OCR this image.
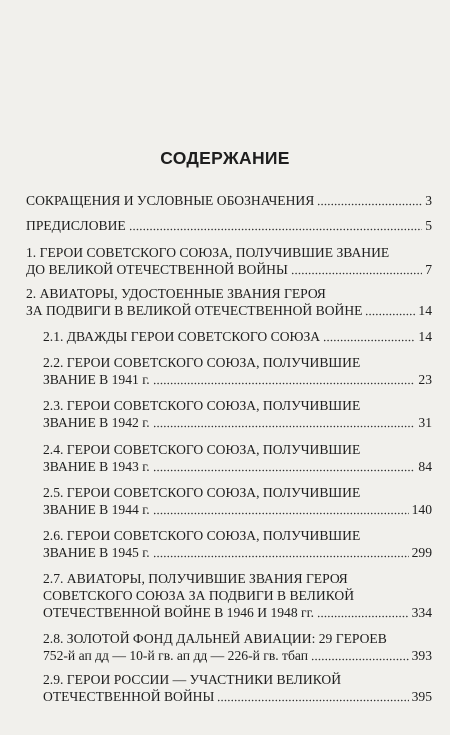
СОДЕРЖАНИЕ
СОКРАЩЕНИЯ И УСЛОВНЫЕ ОБОЗНАЧЕНИЯ	3
ПРЕДИСЛОВИЕ	5
1. ГЕРОИ СОВЕТСКОГО СОЮЗА, ПОЛУЧИВШИЕ ЗВАНИЕ
ДО ВЕЛИКОЙ ОТЕЧЕСТВЕННОЙ ВОЙНЫ	7
2. АВИАТОРЫ, УДОСТОЕННЫЕ ЗВАНИЯ ГЕРОЯ
ЗА ПОДВИГИ В ВЕЛИКОЙ ОТЕЧЕСТВЕННОЙ ВОЙНЕ	14
2.1. ДВАЖДЫ ГЕРОИ СОВЕТСКОГО СОЮЗА	14
2.2. ГЕРОИ СОВЕТСКОГО СОЮЗА, ПОЛУЧИВШИЕ
ЗВАНИЕ В 1941 г.	23
2.3. ГЕРОИ СОВЕТСКОГО СОЮЗА, ПОЛУЧИВШИЕ
ЗВАНИЕ В 1942 г.	31
2.4. ГЕРОИ СОВЕТСКОГО СОЮЗА, ПОЛУЧИВШИЕ
ЗВАНИЕ В 1943 г.	84
2.5. ГЕРОИ СОВЕТСКОГО СОЮЗА, ПОЛУЧИВШИЕ
ЗВАНИЕ В 1944 г.	140
2.6. ГЕРОИ СОВЕТСКОГО СОЮЗА, ПОЛУЧИВШИЕ
ЗВАНИЕ В 1945 г.	299
2.7. АВИАТОРЫ, ПОЛУЧИВШИЕ ЗВАНИЯ ГЕРОЯ
СОВЕТСКОГО СОЮЗА ЗА ПОДВИГИ В ВЕЛИКОЙ
ОТЕЧЕСТВЕННОЙ ВОЙНЕ В 1946 И 1948 гг.	334
2.8. ЗОЛОТОЙ ФОНД ДАЛЬНЕЙ АВИАЦИИ: 29 ГЕРОЕВ
752-й ап дд — 10-й гв. ап дд — 226-й гв. тбап	393
2.9. ГЕРОИ РОССИИ — УЧАСТНИКИ ВЕЛИКОЙ
ОТЕЧЕСТВЕННОЙ ВОЙНЫ	395
